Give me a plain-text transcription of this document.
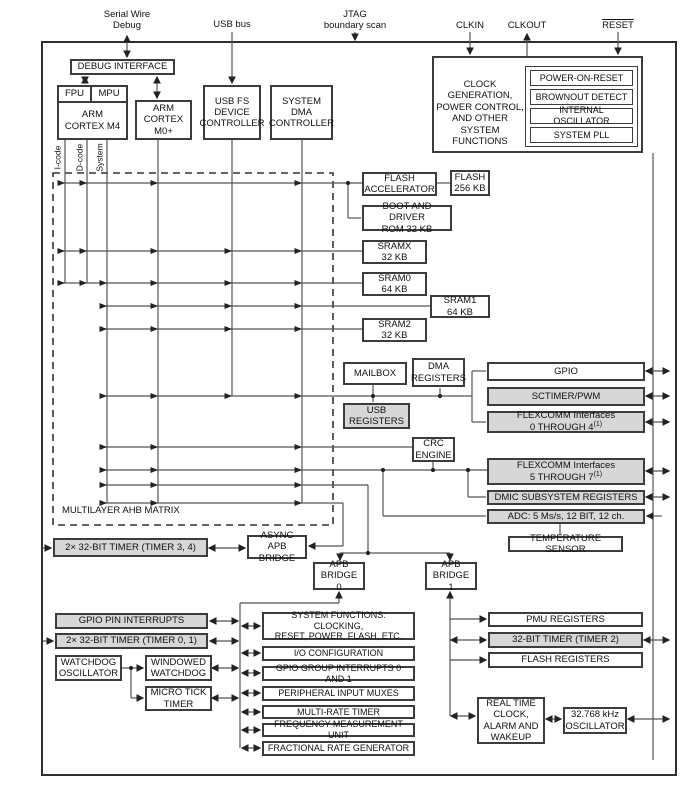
Serial Wire
Debug	USB bus
JTAG
boundary scan	CLKIN	CLKOUT	RESET
DEBUG INTERFACE
FPU	MPU
ARM
CORTEX M4
ARM
CORTEX M0+
USB FS
DEVICE
CONTROLLER
SYSTEM
DMA
CONTROLLER
I-code D-code System
CLOCK GENERATION,
POWER CONTROL,
AND OTHER
SYSTEM FUNCTIONS
POWER-ON-RESET
BROWNOUT DETECT
INTERNAL OSCILLATOR
SYSTEM PLL
FLASH
ACCELERATOR
FLASH
256 KB
BOOT AND DRIVER
ROM 32 KB
SRAMX
32 KB
SRAM0
64 KB
SRAM1
64 KB
SRAM2
32 KB
MULTILAYER AHB MATRIX
MAILBOX
DMA
REGISTERS
USB
REGISTERS
CRC
ENGINE
GPIO
SCTIMER/PWM
FLEXCOMM Interfaces
0 THROUGH 4$^{(1)}$
FLEXCOMM Interfaces
5 THROUGH 7$^{(1)}$
DMIC SUBSYSTEM REGISTERS
ADC: 5 Ms/s, 12 BIT, 12 ch.
TEMPERATURE SENSOR
2× 32-BIT TIMER (TIMER 3, 4)
ASYNC APB
BRIDGE
APB
BRIDGE 0
APB
BRIDGE 1
GPIO PIN INTERRUPTS
2× 32-BIT TIMER (TIMER 0, 1)
WATCHDOG
OSCILLATOR
WINDOWED
WATCHDOG
MICRO TICK
TIMER
SYSTEM FUNCTIONS: CLOCKING,
RESET, POWER, FLASH, ETC.
I/O CONFIGURATION
GPIO GROUP INTERRUPTS 0 AND 1
PERIPHERAL INPUT MUXES
MULTI-RATE TIMER
FREQUENCY MEASUREMENT UNIT
FRACTIONAL RATE GENERATOR
PMU REGISTERS
32-BIT TIMER (TIMER 2)
FLASH REGISTERS
REAL TIME
CLOCK,
ALARM AND
WAKEUP
32.768 kHz
OSCILLATOR
